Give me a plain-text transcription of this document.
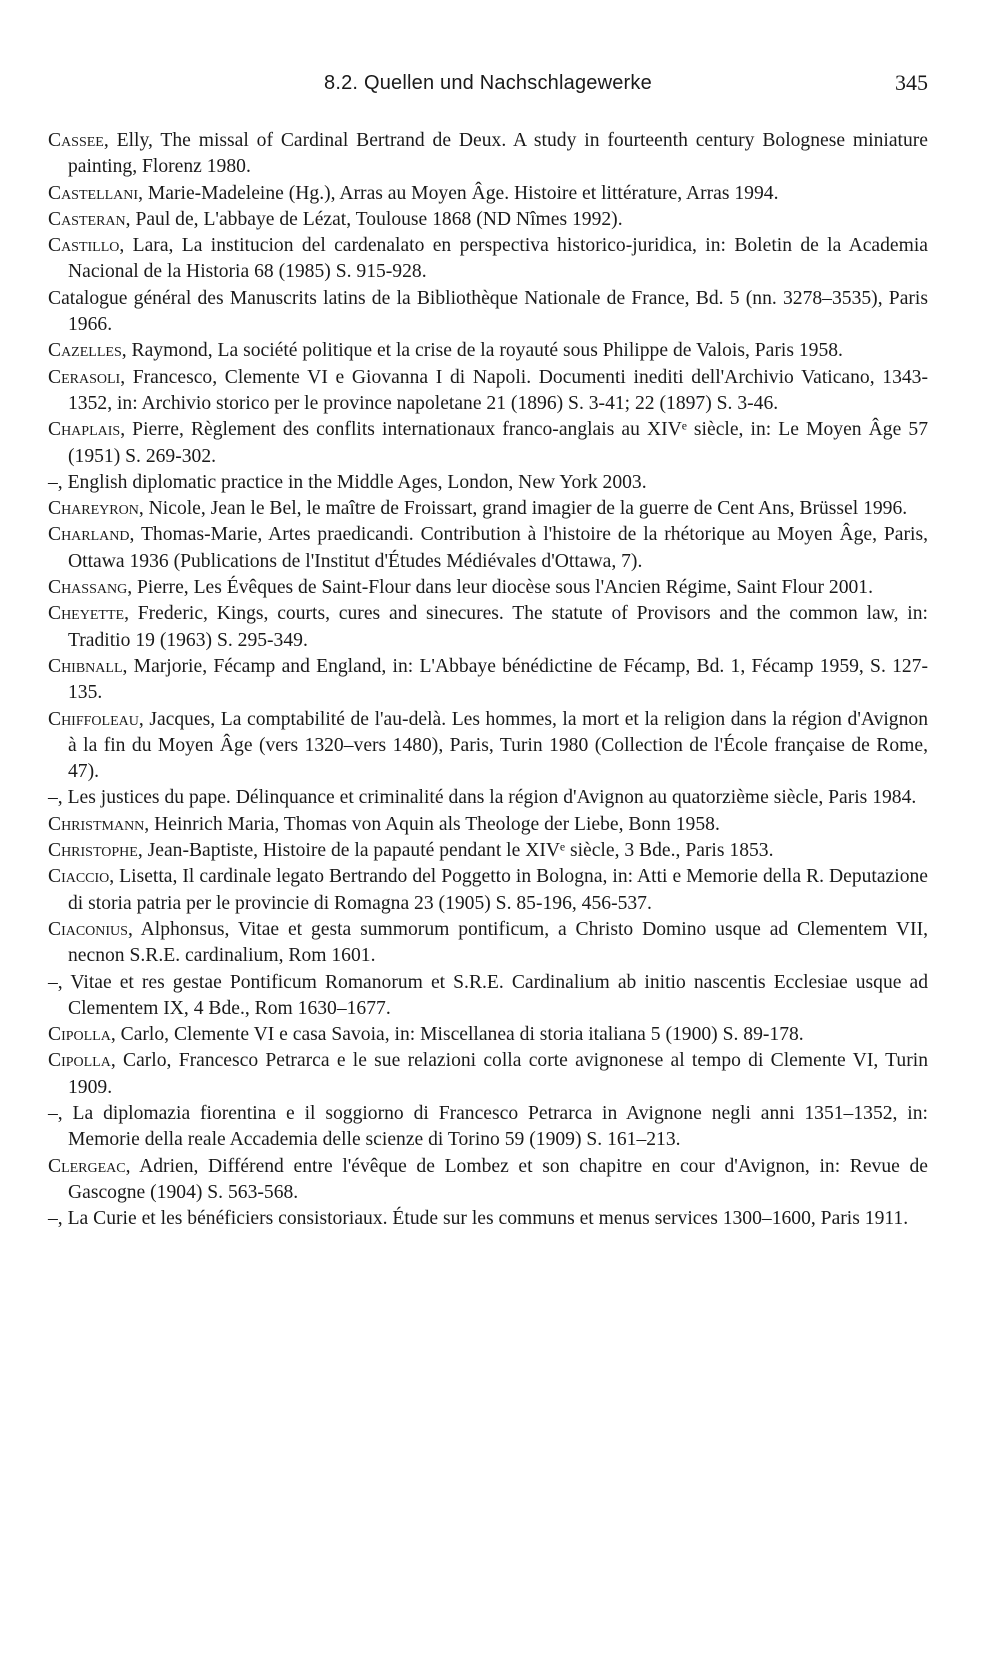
8.2. Quellen und Nachschlagewerke	345
Cassee, Elly, The missal of Cardinal Bertrand de Deux. A study in fourteenth century Bolognese miniature painting, Florenz 1980.
Castellani, Marie-Madeleine (Hg.), Arras au Moyen Âge. Histoire et littérature, Arras 1994.
Casteran, Paul de, L'abbaye de Lézat, Toulouse 1868 (ND Nîmes 1992).
Castillo, Lara, La institucion del cardenalato en perspectiva historico-juridica, in: Boletin de la Academia Nacional de la Historia 68 (1985) S. 915-928.
Catalogue général des Manuscrits latins de la Bibliothèque Nationale de France, Bd. 5 (nn. 3278–3535), Paris 1966.
Cazelles, Raymond, La société politique et la crise de la royauté sous Philippe de Valois, Paris 1958.
Cerasoli, Francesco, Clemente VI e Giovanna I di Napoli. Documenti inediti dell'Archivio Vaticano, 1343-1352, in: Archivio storico per le province napoletane 21 (1896) S. 3-41; 22 (1897) S. 3-46.
Chaplais, Pierre, Règlement des conflits internationaux franco-anglais au XIVᵉ siècle, in: Le Moyen Âge 57 (1951) S. 269-302.
–, English diplomatic practice in the Middle Ages, London, New York 2003.
Chareyron, Nicole, Jean le Bel, le maître de Froissart, grand imagier de la guerre de Cent Ans, Brüssel 1996.
Charland, Thomas-Marie, Artes praedicandi. Contribution à l'histoire de la rhétorique au Moyen Âge, Paris, Ottawa 1936 (Publications de l'Institut d'Études Médiévales d'Ottawa, 7).
Chassang, Pierre, Les Évêques de Saint-Flour dans leur diocèse sous l'Ancien Régime, Saint Flour 2001.
Cheyette, Frederic, Kings, courts, cures and sinecures. The statute of Provisors and the common law, in: Traditio 19 (1963) S. 295-349.
Chibnall, Marjorie, Fécamp and England, in: L'Abbaye bénédictine de Fécamp, Bd. 1, Fécamp 1959, S. 127-135.
Chiffoleau, Jacques, La comptabilité de l'au-delà. Les hommes, la mort et la religion dans la région d'Avignon à la fin du Moyen Âge (vers 1320–vers 1480), Paris, Turin 1980 (Collection de l'École française de Rome, 47).
–, Les justices du pape. Délinquance et criminalité dans la région d'Avignon au quatorzième siècle, Paris 1984.
Christmann, Heinrich Maria, Thomas von Aquin als Theologe der Liebe, Bonn 1958.
Christophe, Jean-Baptiste, Histoire de la papauté pendant le XIVᵉ siècle, 3 Bde., Paris 1853.
Ciaccio, Lisetta, Il cardinale legato Bertrando del Poggetto in Bologna, in: Atti e Memorie della R. Deputazione di storia patria per le provincie di Romagna 23 (1905) S. 85-196, 456-537.
Ciaconius, Alphonsus, Vitae et gesta summorum pontificum, a Christo Domino usque ad Clementem VII, necnon S.R.E. cardinalium, Rom 1601.
–, Vitae et res gestae Pontificum Romanorum et S.R.E. Cardinalium ab initio nascentis Ecclesiae usque ad Clementem IX, 4 Bde., Rom 1630–1677.
Cipolla, Carlo, Clemente VI e casa Savoia, in: Miscellanea di storia italiana 5 (1900) S. 89-178.
Cipolla, Carlo, Francesco Petrarca e le sue relazioni colla corte avignonese al tempo di Clemente VI, Turin 1909.
–, La diplomazia fiorentina e il soggiorno di Francesco Petrarca in Avignone negli anni 1351–1352, in: Memorie della reale Accademia delle scienze di Torino 59 (1909) S. 161–213.
Clergeac, Adrien, Différend entre l'évêque de Lombez et son chapitre en cour d'Avignon, in: Revue de Gascogne (1904) S. 563-568.
–, La Curie et les bénéficiers consistoriaux. Étude sur les communs et menus services 1300–1600, Paris 1911.
